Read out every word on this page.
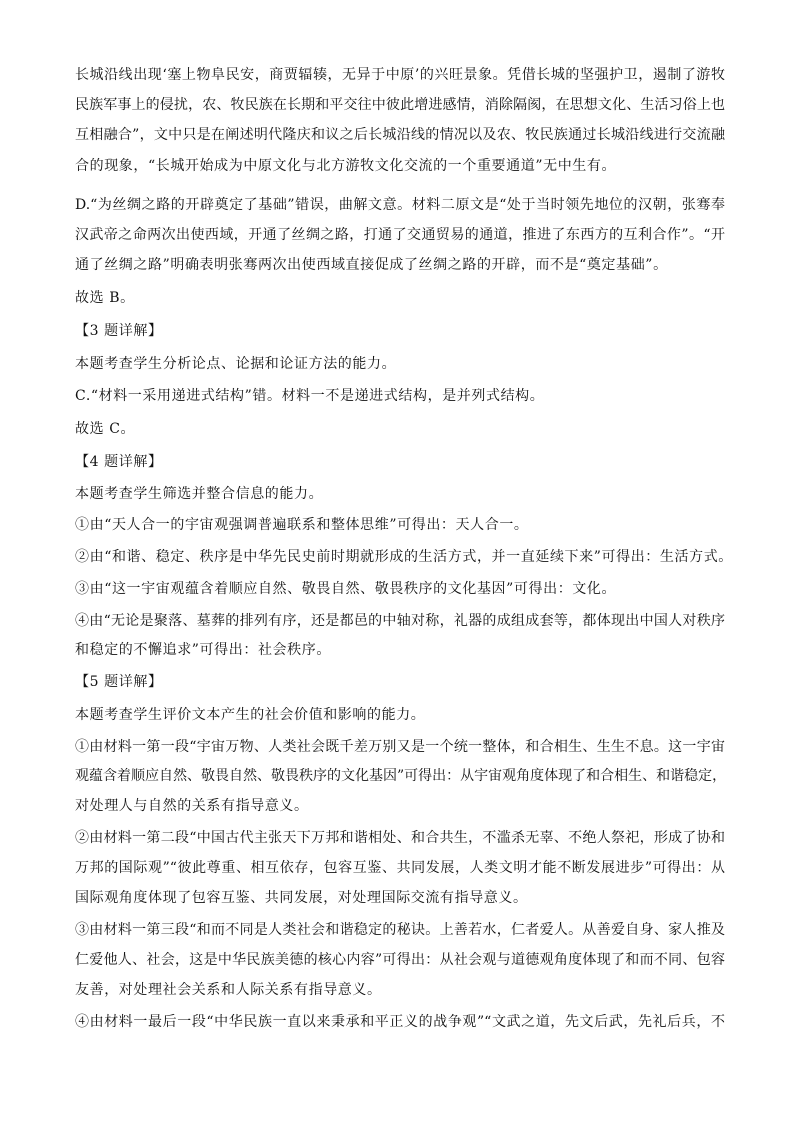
长城沿线出现‘塞上物阜民安，商贾辐辏，无异于中原’的兴旺景象。凭借长城的坚强护卫，遏制了游牧
民族军事上的侵扰，农、牧民族在长期和平交往中彼此增进感情，消除隔阂，在思想文化、生活习俗上也
互相融合”，文中只是在阐述明代隆庆和议之后长城沿线的情况以及农、牧民族通过长城沿线进行交流融
合的现象，“长城开始成为中原文化与北方游牧文化交流的一个重要通道”无中生有。
D.“为丝绸之路的开辟奠定了基础”错误，曲解文意。材料二原文是“处于当时领先地位的汉朝，张骞奉
汉武帝之命两次出使西域，开通了丝绸之路，打通了交通贸易的通道，推进了东西方的互利合作”。“开
通了丝绸之路”明确表明张骞两次出使西域直接促成了丝绸之路的开辟，而不是“奠定基础”。
故选 B。
【3 题详解】
本题考查学生分析论点、论据和论证方法的能力。
C.“材料一采用递进式结构”错。材料一不是递进式结构，是并列式结构。
故选 C。
【4 题详解】
本题考查学生筛选并整合信息的能力。
①由“天人合一的宇宙观强调普遍联系和整体思维”可得出：天人合一。
②由“和谐、稳定、秩序是中华先民史前时期就形成的生活方式，并一直延续下来”可得出：生活方式。
③由“这一宇宙观蕴含着顺应自然、敬畏自然、敬畏秩序的文化基因”可得出：文化。
④由“无论是聚落、墓葬的排列有序，还是都邑的中轴对称，礼器的成组成套等，都体现出中国人对秩序
和稳定的不懈追求”可得出：社会秩序。
【5 题详解】
本题考查学生评价文本产生的社会价值和影响的能力。
①由材料一第一段“宇宙万物、人类社会既千差万别又是一个统一整体，和合相生、生生不息。这一宇宙
观蕴含着顺应自然、敬畏自然、敬畏秩序的文化基因”可得出：从宇宙观角度体现了和合相生、和谐稳定，
对处理人与自然的关系有指导意义。
②由材料一第二段“中国古代主张天下万邦和谐相处、和合共生，不滥杀无辜、不绝人祭祀，形成了协和
万邦的国际观”“彼此尊重、相互依存，包容互鉴、共同发展，人类文明才能不断发展进步”可得出：从
国际观角度体现了包容互鉴、共同发展，对处理国际交流有指导意义。
③由材料一第三段“和而不同是人类社会和谐稳定的秘诀。上善若水，仁者爱人。从善爱自身、家人推及
仁爱他人、社会，这是中华民族美德的核心内容”可得出：从社会观与道德观角度体现了和而不同、包容
友善，对处理社会关系和人际关系有指导意义。
④由材料一最后一段“中华民族一直以来秉承和平正义的战争观”“文武之道，先文后武，先礼后兵，不
